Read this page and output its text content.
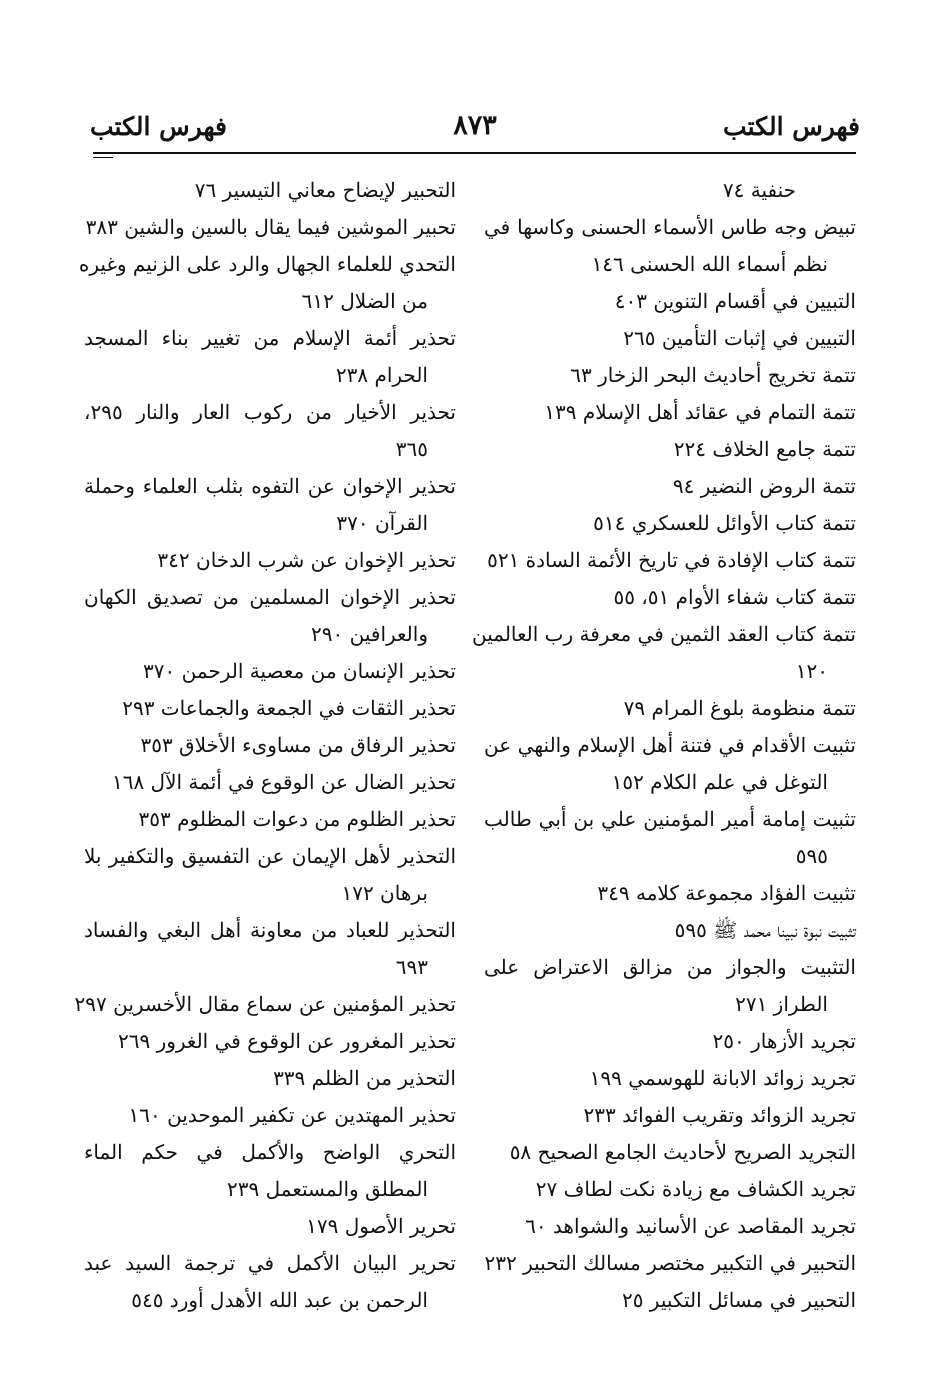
فهرس الكتب	٨٧٣	فهرس الكتب
حنفية ٧٤
تبيض وجه طاس الأسماء الحسنى وكاسها في
نظم أسماء الله الحسنى ١٤٦
التبيين في أقسام التنوين ٤٠٣
التبيين في إثبات التأمين ٢٦٥
تتمة تخريج أحاديث البحر الزخار ٦٣
تتمة التمام في عقائد أهل الإسلام ١٣٩
تتمة جامع الخلاف ٢٢٤
تتمة الروض النضير ٩٤
تتمة كتاب الأوائل للعسكري ٥١٤
تتمة كتاب الإفادة في تاريخ الأئمة السادة ٥٢١
تتمة كتاب شفاء الأوام ٥١، ٥٥
تتمة كتاب العقد الثمين في معرفة رب العالمين
١٢٠
تتمة منظومة بلوغ المرام ٧٩
تثبيت الأقدام في فتنة أهل الإسلام والنهي عن
التوغل في علم الكلام ١٥٢
تثبيت إمامة أمير المؤمنين علي بن أبي طالب
٥٩٥
تثبيت الفؤاد مجموعة كلامه ٣٤٩
تثبيت نبوة نبينا محمد ﷺ ٥٩٥
التثبيت والجواز من مزالق الاعتراض على
الطراز ٢٧١
تجريد الأزهار ٢٥٠
تجريد زوائد الابانة للهوسمي ١٩٩
تجريد الزوائد وتقريب الفوائد ٢٣٣
التجريد الصريح لأحاديث الجامع الصحيح ٥٨
تجريد الكشاف مع زيادة نكت لطاف ٢٧
تجريد المقاصد عن الأسانيد والشواهد ٦٠
التحبير في التكبير مختصر مسالك التحبير ٢٣٢
التحبير في مسائل التكبير ٢٥
التحبير لإيضاح معاني التيسير ٧٦
تحبير الموشين فيما يقال بالسين والشين ٣٨٣
التحدي للعلماء الجهال والرد على الزنيم وغيره
من الضلال ٦١٢
تحذير أئمة الإسلام من تغيير بناء المسجد
الحرام ٢٣٨
تحذير الأخيار من ركوب العار والنار ٢٩٥،
٣٦٥
تحذير الإخوان عن التفوه بثلب العلماء وحملة
القرآن ٣٧٠
تحذير الإخوان عن شرب الدخان ٣٤٢
تحذير الإخوان المسلمين من تصديق الكهان
والعرافين ٢٩٠
تحذير الإنسان من معصية الرحمن ٣٧٠
تحذير الثقات في الجمعة والجماعات ٢٩٣
تحذير الرفاق من مساوىء الأخلاق ٣٥٣
تحذير الضال عن الوقوع في أئمة الآل ١٦٨
تحذير الظلوم من دعوات المظلوم ٣٥٣
التحذير لأهل الإيمان عن التفسيق والتكفير بلا
برهان ١٧٢
التحذير للعباد من معاونة أهل البغي والفساد
٦٩٣
تحذير المؤمنين عن سماع مقال الأخسرين ٢٩٧
تحذير المغرور عن الوقوع في الغرور ٢٦٩
التحذير من الظلم ٣٣٩
تحذير المهتدين عن تكفير الموحدين ١٦٠
التحري الواضح والأكمل في حكم الماء
المطلق والمستعمل ٢٣٩
تحرير الأصول ١٧٩
تحرير البيان الأكمل في ترجمة السيد عبد
الرحمن بن عبد الله الأهدل أورد ٥٤٥
